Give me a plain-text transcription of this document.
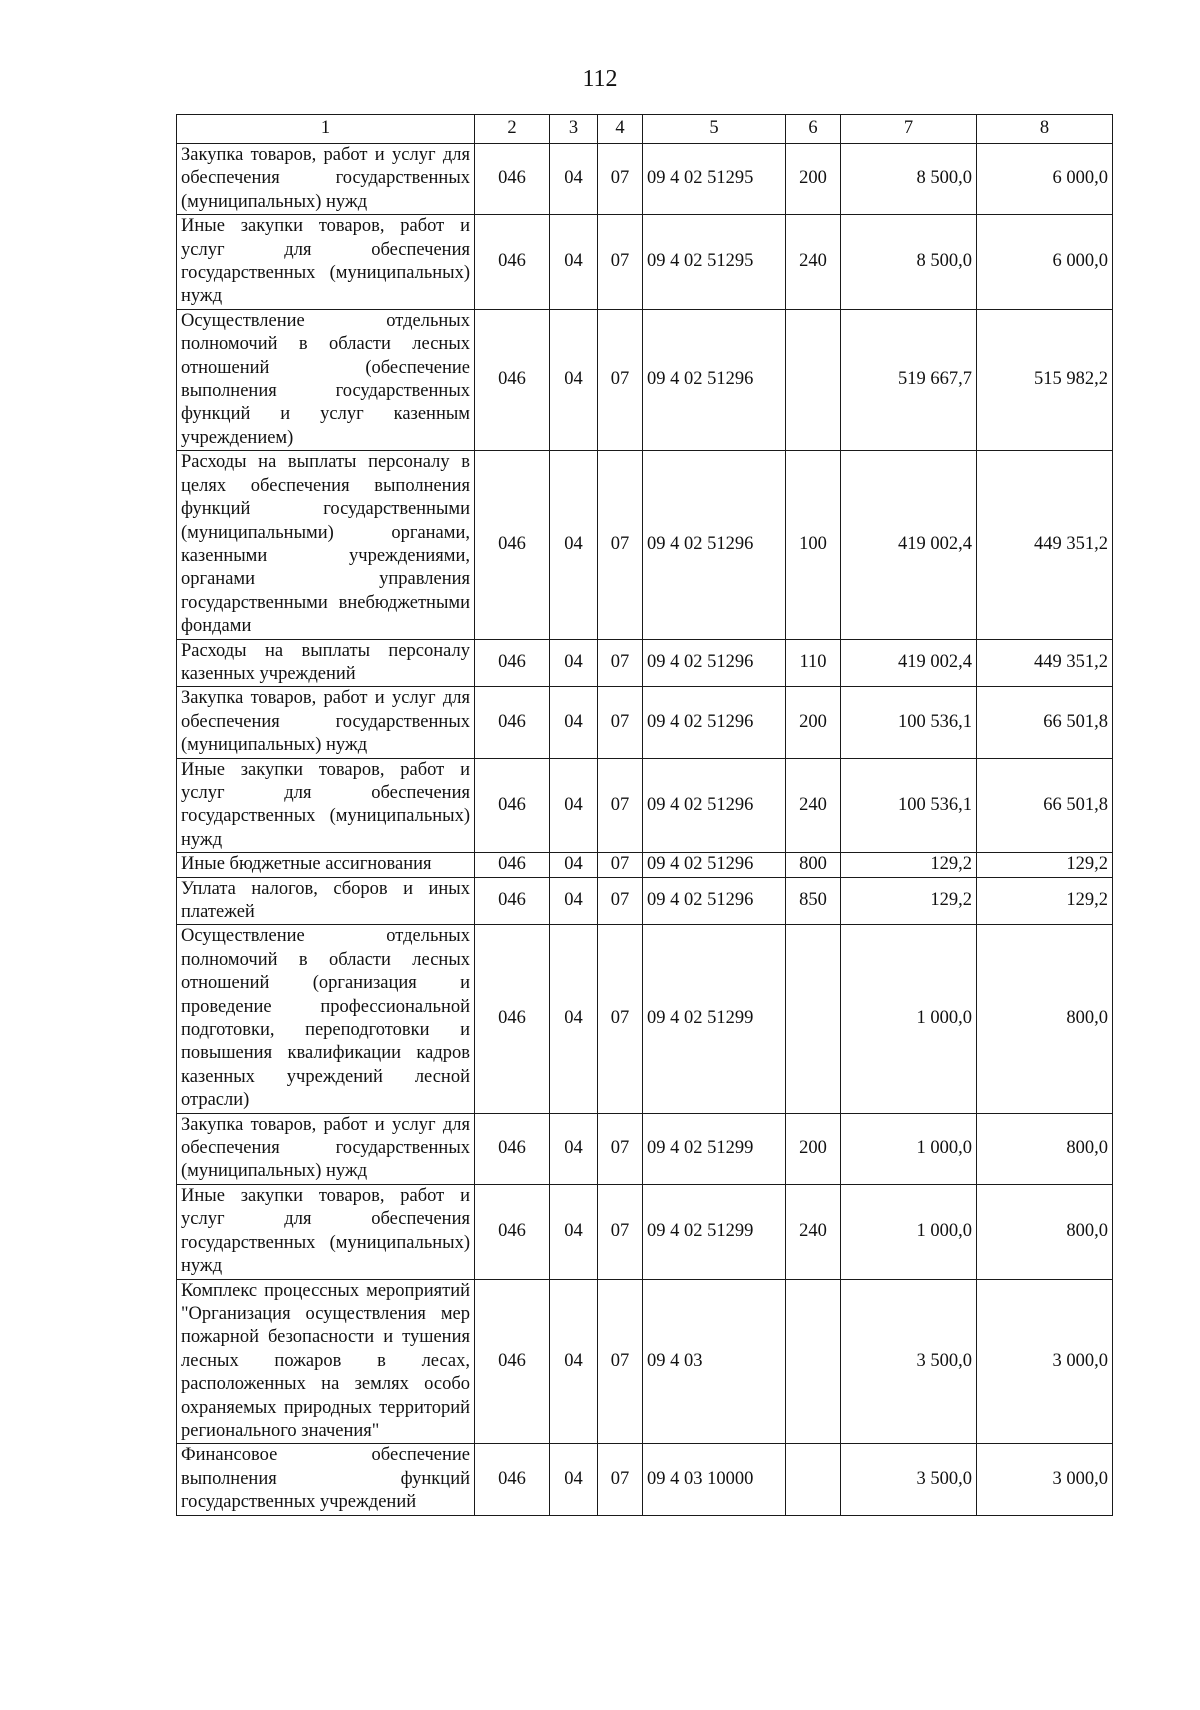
112
1	2	3	4	5	6	7	8
Закупка товаров, работ и услуг для обеспечения государственных (муниципальных) нужд	046	04	07	09 4 02 51295	200	8 500,0	6 000,0
Иные закупки товаров, работ и услуг для обеспечения государственных (муниципальных) нужд	046	04	07	09 4 02 51295	240	8 500,0	6 000,0
Осуществление отдельных полномочий в области лесных отношений (обеспечение выполнения государственных функций и услуг казенным учреждением)	046	04	07	09 4 02 51296		519 667,7	515 982,2
Расходы на выплаты персоналу в целях обеспечения выполнения функций государственными (муниципальными) органами, казенными учреждениями, органами управления государственными внебюджетными фондами	046	04	07	09 4 02 51296	100	419 002,4	449 351,2
Расходы на выплаты персоналу казенных учреждений	046	04	07	09 4 02 51296	110	419 002,4	449 351,2
Закупка товаров, работ и услуг для обеспечения государственных (муниципальных) нужд	046	04	07	09 4 02 51296	200	100 536,1	66 501,8
Иные закупки товаров, работ и услуг для обеспечения государственных (муниципальных) нужд	046	04	07	09 4 02 51296	240	100 536,1	66 501,8
Иные бюджетные ассигнования	046	04	07	09 4 02 51296	800	129,2	129,2
Уплата налогов, сборов и иных платежей	046	04	07	09 4 02 51296	850	129,2	129,2
Осуществление отдельных полномочий в области лесных отношений (организация и проведение профессиональной подготовки, переподготовки и повышения квалификации кадров казенных учреждений лесной отрасли)	046	04	07	09 4 02 51299		1 000,0	800,0
Закупка товаров, работ и услуг для обеспечения государственных (муниципальных) нужд	046	04	07	09 4 02 51299	200	1 000,0	800,0
Иные закупки товаров, работ и услуг для обеспечения государственных (муниципальных) нужд	046	04	07	09 4 02 51299	240	1 000,0	800,0
Комплекс процессных мероприятий "Организация осуществления мер пожарной безопасности и тушения лесных пожаров в лесах, расположенных на землях особо охраняемых природных территорий регионального значения"	046	04	07	09 4 03		3 500,0	3 000,0
Финансовое обеспечение выполнения функций государственных учреждений	046	04	07	09 4 03 10000		3 500,0	3 000,0
